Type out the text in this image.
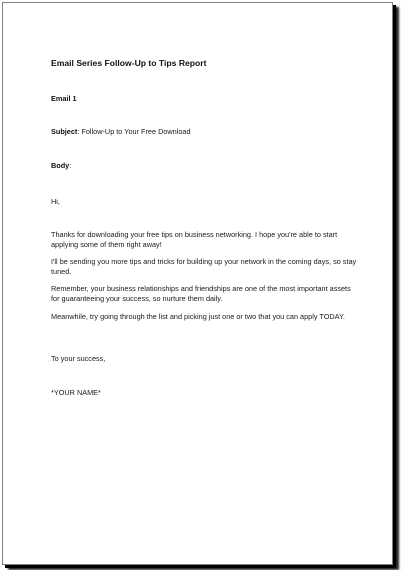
Email Series Follow-Up to Tips Report
Email 1
Subject: Follow-Up to Your Free Download
Body:
Hi,
Thanks for downloading your free tips on business networking. I hope you're able to start applying some of them right away!
I'll be sending you more tips and tricks for building up your network in the coming days, so stay tuned.
Remember, your business relationships and friendships are one of the most important assets for guaranteeing your success, so nurture them daily.
Meanwhile, try going through the list and picking just one or two that you can apply TODAY.
To your success,
*YOUR NAME*
